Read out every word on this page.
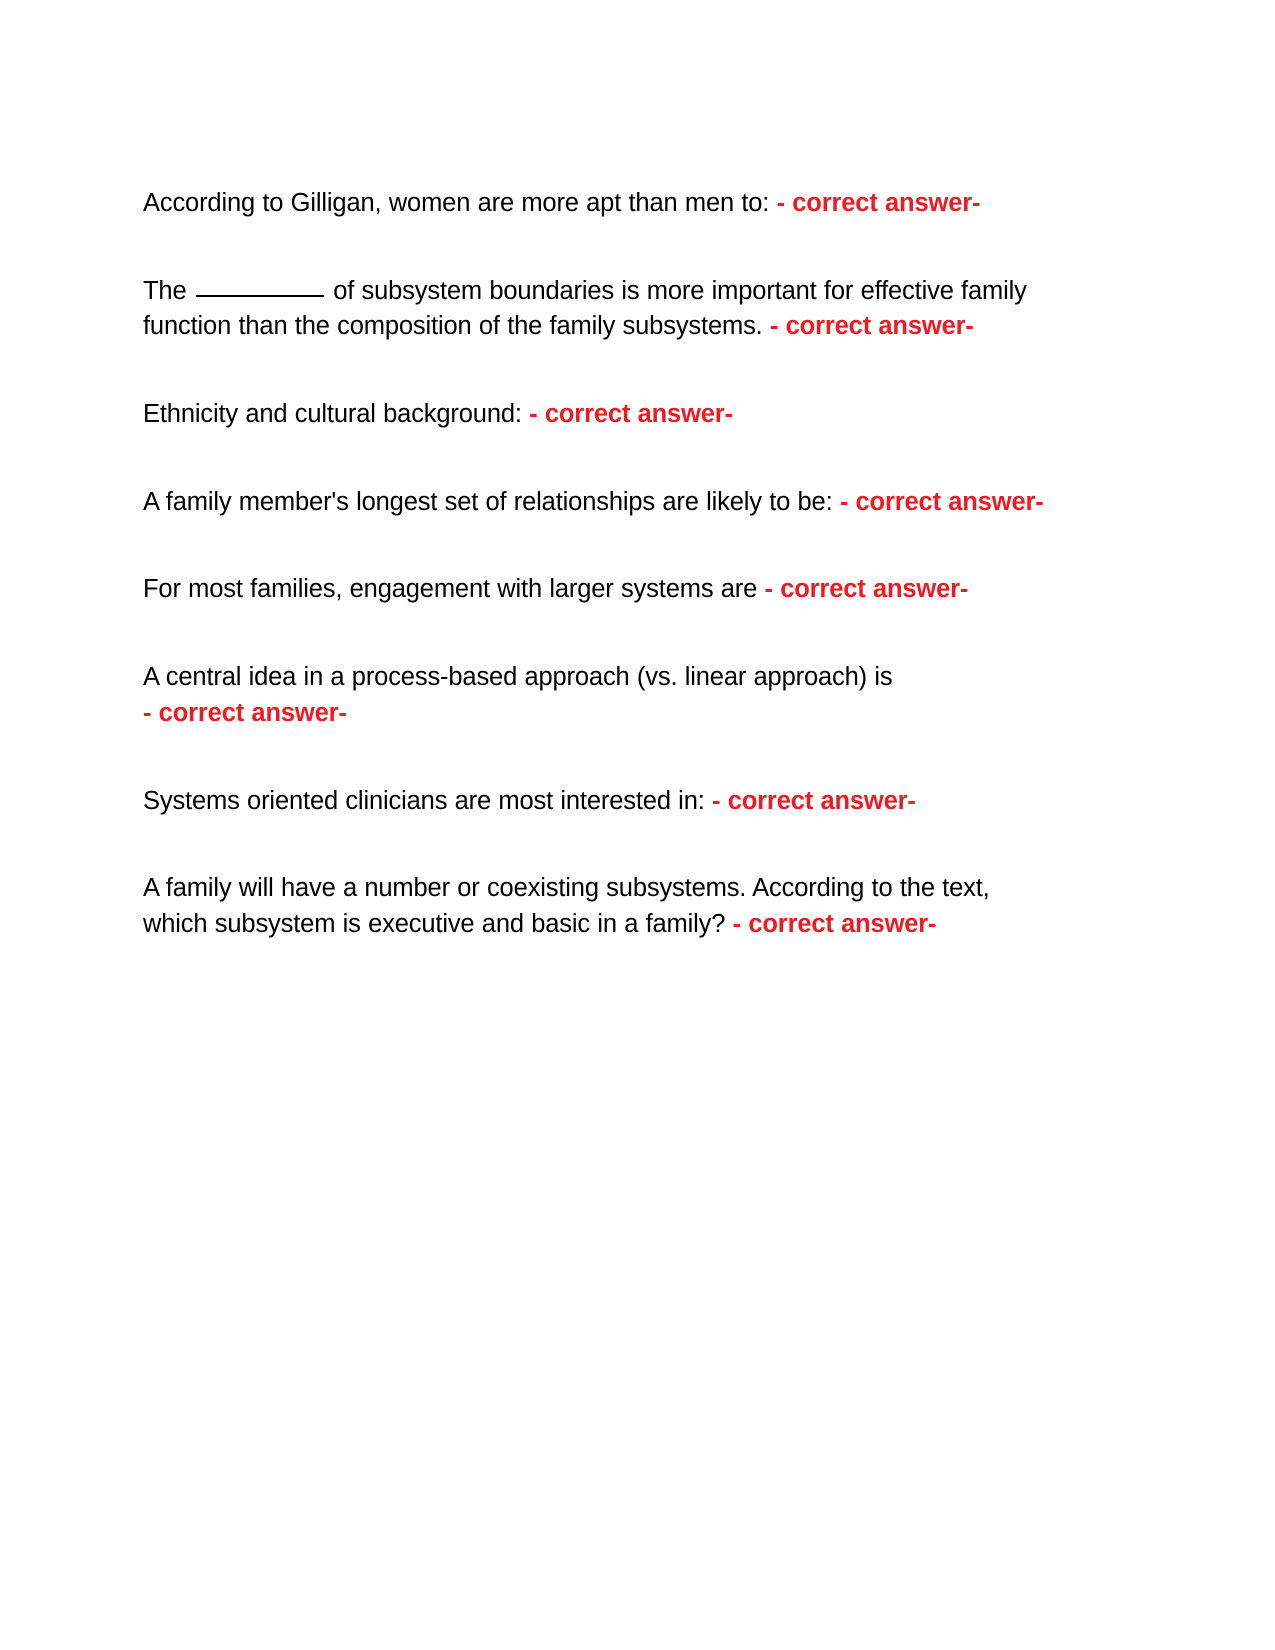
According to Gilligan, women are more apt than men to: - correct answer-

The	of subsystem boundaries is more important for effective family function than the composition of the family subsystems. - correct answer-

Ethnicity and cultural background: - correct answer-

A family member's longest set of relationships are likely to be: - correct answer-

For most families, engagement with larger systems are - correct answer-

A central idea in a process-based approach (vs. linear approach) is - correct answer-

Systems oriented clinicians are most interested in: - correct answer-

A family will have a number or coexisting subsystems. According to the text, which subsystem is executive and basic in a family? - correct answer-
